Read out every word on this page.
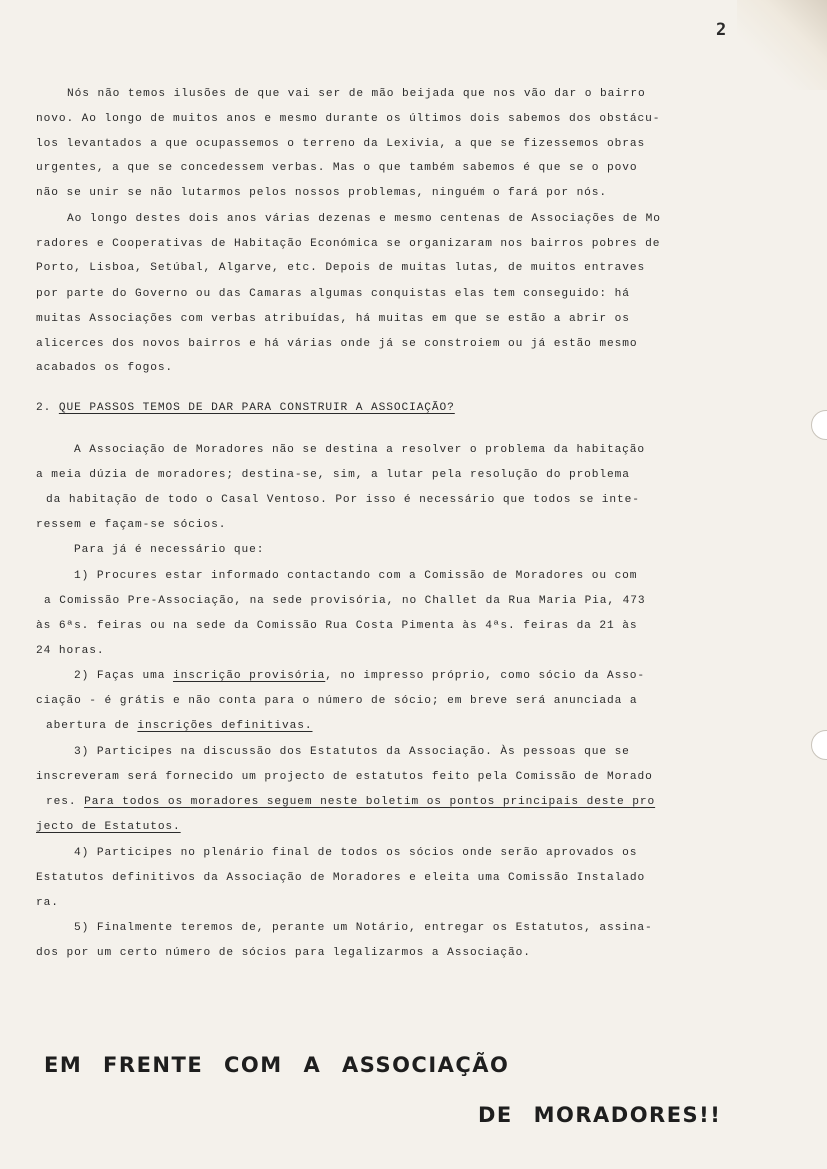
2
Nós não temos ilusões de que vai ser de mão beijada que nos vão dar o bairro
novo. Ao longo de muitos anos e mesmo durante os últimos dois sabemos dos obstácu-
los levantados a que ocupassemos o terreno da Lexivia, a que se fizessemos obras
urgentes, a que se concedessem verbas. Mas o que também sabemos é que se o povo
não se unir se não lutarmos pelos nossos problemas, ninguém o fará por nós.
Ao longo destes dois anos várias dezenas e mesmo centenas de Associações de Mo
radores e Cooperativas de Habitação Económica se organizaram nos bairros pobres de
Porto, Lisboa, Setúbal, Algarve, etc. Depois de muitas lutas, de muitos entraves
por parte do Governo ou das Camaras algumas conquistas elas tem conseguido: há
muitas Associações com verbas atribuídas, há muitas em que se estão a abrir os
alicerces dos novos bairros e há várias onde já se constroiem ou já estão mesmo
acabados os fogos.
2. QUE PASSOS TEMOS DE DAR PARA CONSTRUIR A ASSOCIAÇÃO?
A Associação de Moradores não se destina a resolver o problema da habitação
a meia dúzia de moradores; destina-se, sim, a lutar pela resolução do problema
da habitação de todo o Casal Ventoso. Por isso é necessário que todos se inte-
ressem e façam-se sócios.
Para já é necessário que:
1) Procures estar informado contactando com a Comissão de Moradores ou com
a Comissão Pre-Associação, na sede provisória, no Challet da Rua Maria Pia, 473
às 6ªs. feiras ou na sede da Comissão Rua Costa Pimenta às 4ªs. feiras da 21 às
24 horas.
2) Faças uma inscrição provisória, no impresso próprio, como sócio da Asso-
ciação - é grátis e não conta para o número de sócio; em breve será anunciada a
abertura de inscrições definitivas.
3) Participes na discussão dos Estatutos da Associação. Às pessoas que se
inscreveram será fornecido um projecto de estatutos feito pela Comissão de Morado
res. Para todos os moradores seguem neste boletim os pontos principais deste pro
jecto de Estatutos.
4) Participes no plenário final de todos os sócios onde serão aprovados os
Estatutos definitivos da Associação de Moradores e eleita uma Comissão Instalado
ra.
5) Finalmente teremos de, perante um Notário, entregar os Estatutos, assina-
dos por um certo número de sócios para legalizarmos a Associação.
EM FRENTE COM A ASSOCIAÇÃO
DE MORADORES!!
